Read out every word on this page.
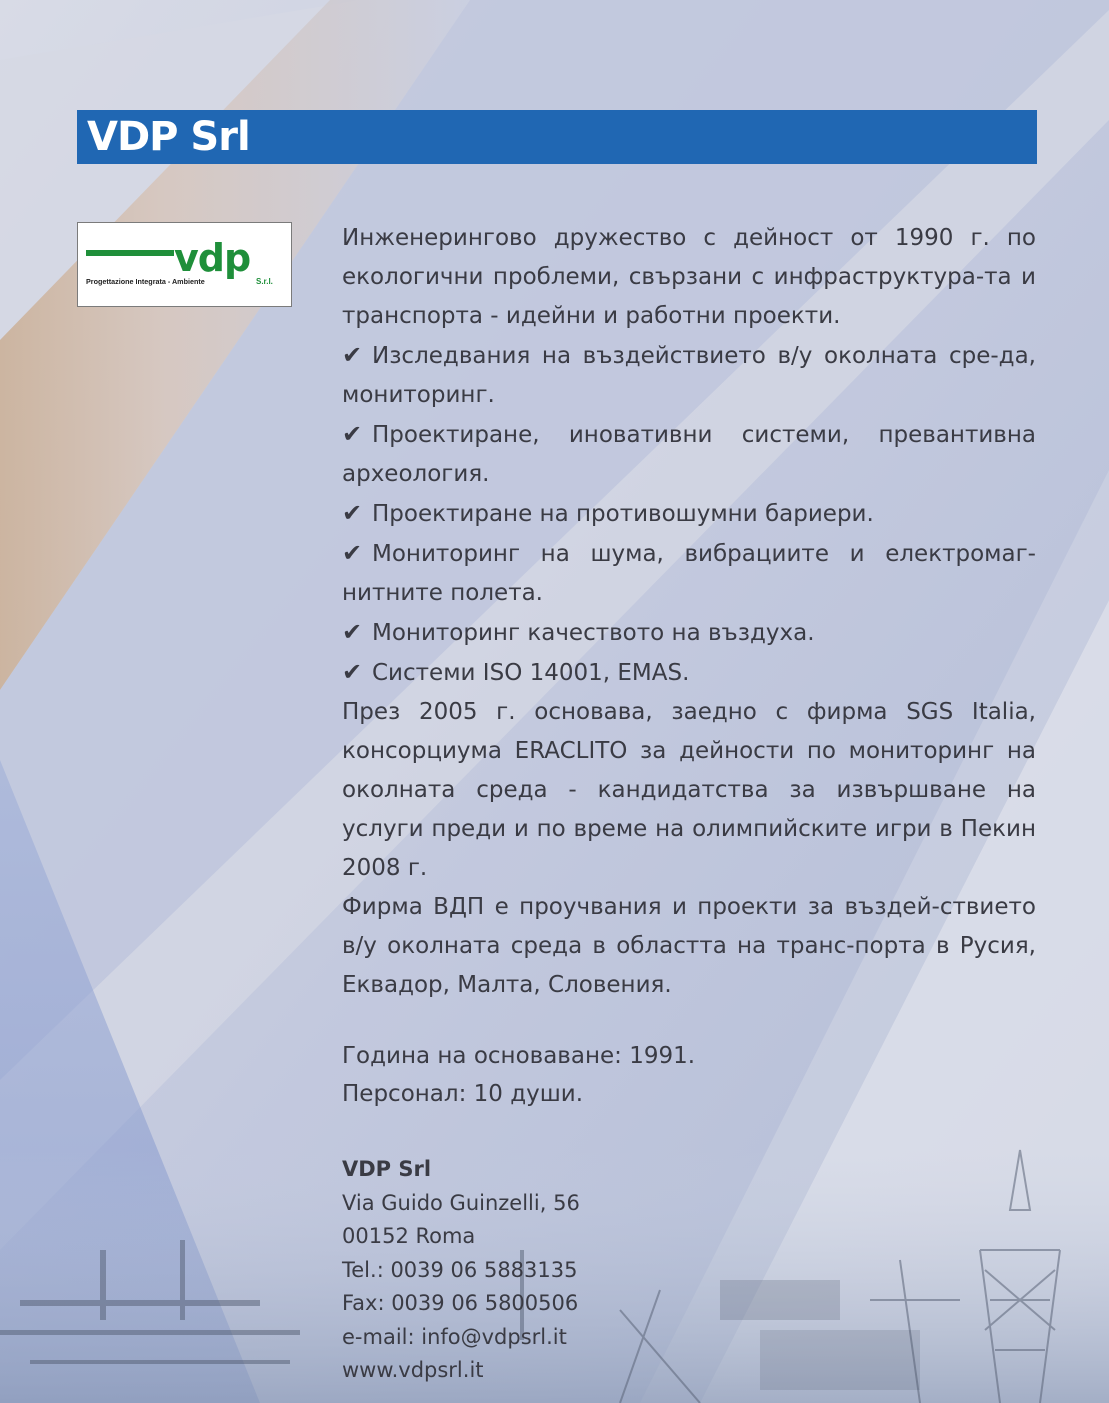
VDP Srl
vdp
Progettazione Integrata - Ambiente	S.r.l.

Инженерингово дружество с дейност от 1990 г. по екологични проблеми, свързани с инфраструктура-та и транспорта - идейни и работни проекти.

✔ Изследвания на въздействието в/у околната сре-да, мониторинг.

✔ Проектиране, иновативни системи, превантивна археология.

✔ Проектиране на противошумни бариери.

✔ Мониторинг на шума, вибрациите и електромаг-нитните полета.

✔ Мониторинг качеството на въздуха.

✔ Системи ISO 14001, EMAS.

През 2005 г. основава, заедно с фирма SGS Italia, консорциума ERACLITO за дейности по мониторинг на околната среда - кандидатства за извършване на услуги преди и по време на олимпийските игри в Пекин 2008 г.

Фирма ВДП е проучвания и проекти за въздей-ствието в/у околната среда в областта на транс-порта в Русия, Еквадор, Малта, Словения.

Година на основаване: 1991.

Персонал: 10 души.

VDP Srl

Via Guido Guinzelli, 56

00152 Roma

Tel.: 0039 06 5883135

Fax: 0039 06 5800506

e-mail: info@vdpsrl.it

www.vdpsrl.it
